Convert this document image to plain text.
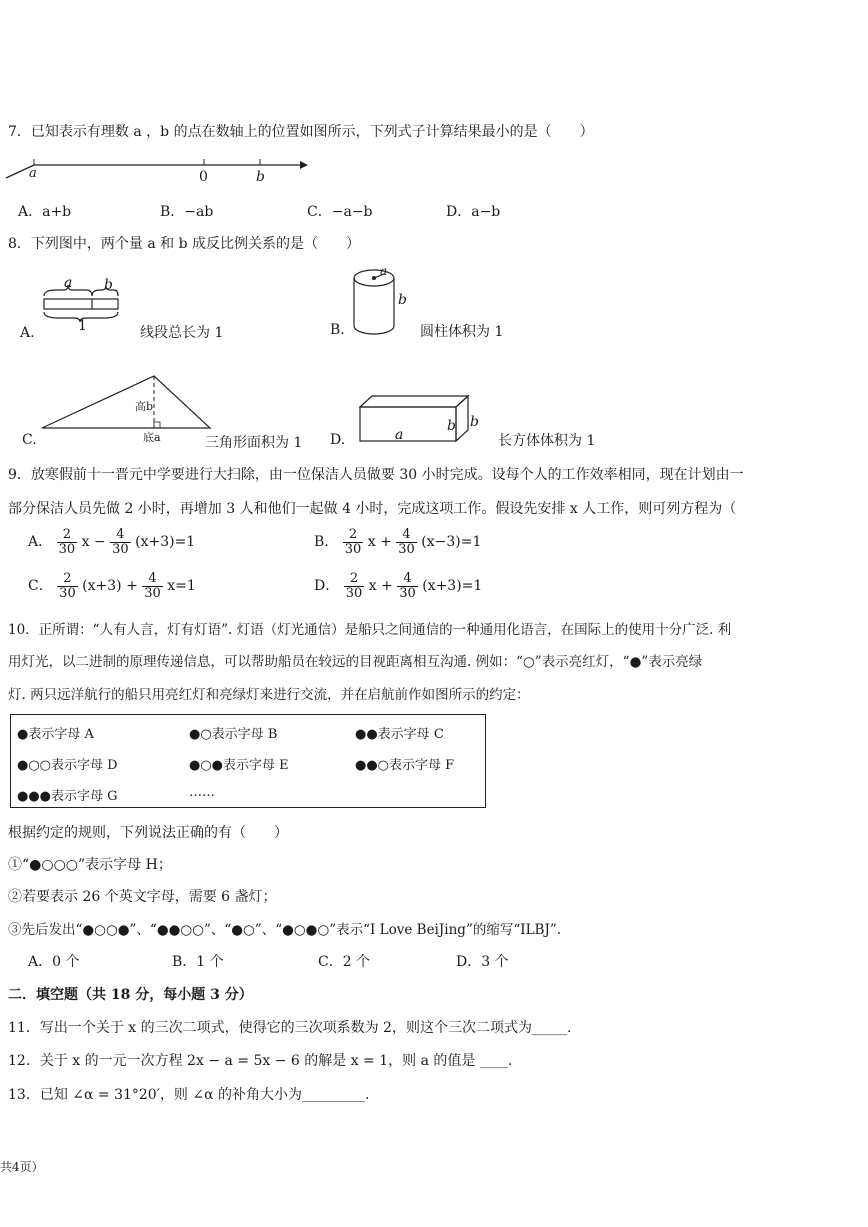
7．已知表示有理数 a ，b 的点在数轴上的位置如图所示，下列式子计算结果最小的是（　　）
a	0	b
A．a+b	B．−ab	C．−a−b	D．a−b
8．下列图中，两个量 a 和 b 成反比例关系的是（　　）
a b
1
A.	线段总长为 1
a
b
B.	圆柱体积为 1
高b
底a
C.	三角形面积为 1	a
b b
D.	长方体体积为 1
9．放寒假前十一晋元中学要进行大扫除，由一位保洁人员做要 30 小时完成。设每个人的工作效率相同，现在计划由一
部分保洁人员先做 2 小时，再增加 3 人和他们一起做 4 小时，完成这项工作。假设先安排 x 人工作，则可列方程为（
A． $\frac{2}{30}$ $x - \frac{4}{30} (x+3)=1$	B． $\frac{2}{30}$ $x + \frac{4}{30} (x-3)=1$
C． $\frac{2}{30} (x+3) + \frac{4}{30} x=1$	D． $\frac{2}{30}$ $x + \frac{4}{30} (x+3)=1$
10．正所谓：“人有人言，灯有灯语”. 灯语（灯光通信）是船只之间通信的一种通用化语言，在国际上的使用十分广泛. 利
用灯光，以二进制的原理传递信息，可以帮助船员在较远的目视距离相互沟通. 例如：“○”表示亮红灯，“●”表示亮绿
灯. 两只远洋航行的船只用亮红灯和亮绿灯来进行交流，并在启航前作如图所示的约定：
●表示字母 A	●○表示字母 B	●●表示字母 C
●○○表示字母 D	●○●表示字母 E	●●○表示字母 F
●●●表示字母 G	……
根据约定的规则，下列说法正确的有（　　）
①“●○○○”表示字母 H；
②若要表示 26 个英文字母，需要 6 盏灯；
③先后发出“●○○●”、“●●○○”、“●○”、“●○●○”表示“I Love BeiJing”的缩写“ILBJ”.
A．0 个	B．1 个	C．2 个	D．3 个
二．填空题（共 18 分，每小题 3 分）
11．写出一个关于 x 的三次二项式，使得它的三次项系数为 2，则这个三次二项式为_____.
12．关于 x 的一元一次方程 2x − a = 5x − 6 的解是 x = 1，则 a 的值是 ____.
13．已知 ∠α = 31°20′，则 ∠α 的补角大小为_________.
共4页）
